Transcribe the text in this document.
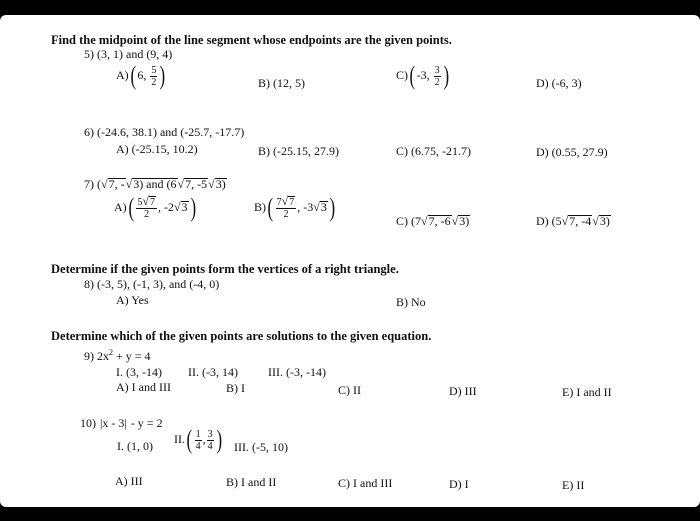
Find the midpoint of the line segment whose endpoints are the given points.
5) (3, 1) and (9, 4)
A)( 6, $\frac{5}{2}$ )	B) (12, 5)
C)( -3, $\frac{3}{2}$ )	D) (-6, 3)
6) (-24.6, 38.1) and (-25.7, -17.7)
A) (-25.15, 10.2)	B) (-25.15, 27.9)	C) (6.75, -21.7)	D) (0.55, 27.9)
7) (√7, -√3) and (6√7, -5√3)
$A)( \frac{5√7}{2}$ , -2√3)	$B)( \frac{7√7}{2}$ , -3√3)	C) (7√7, -6√3)	D) (5√7, -4√3)
Determine if the given points form the vertices of a right triangle.
8) (-3, 5), (-1, 3), and (-4, 0)
A) Yes	B) No
Determine which of the given points are solutions to the given equation.
9) $2x^2 + y = 4$
I. (3, -14) II. (-3, 14)	III. (-3, -14)
A) I and III	B) I	C) II	D) III	E) I and II
10) |x - 3| - y = 2
I. (1, 0)
$II.( \frac{1}{4}$ , $\frac{3}{4}$ ) III. (-5, 10)
A) III	B) I and II	C) I and III	D) I	E) II
